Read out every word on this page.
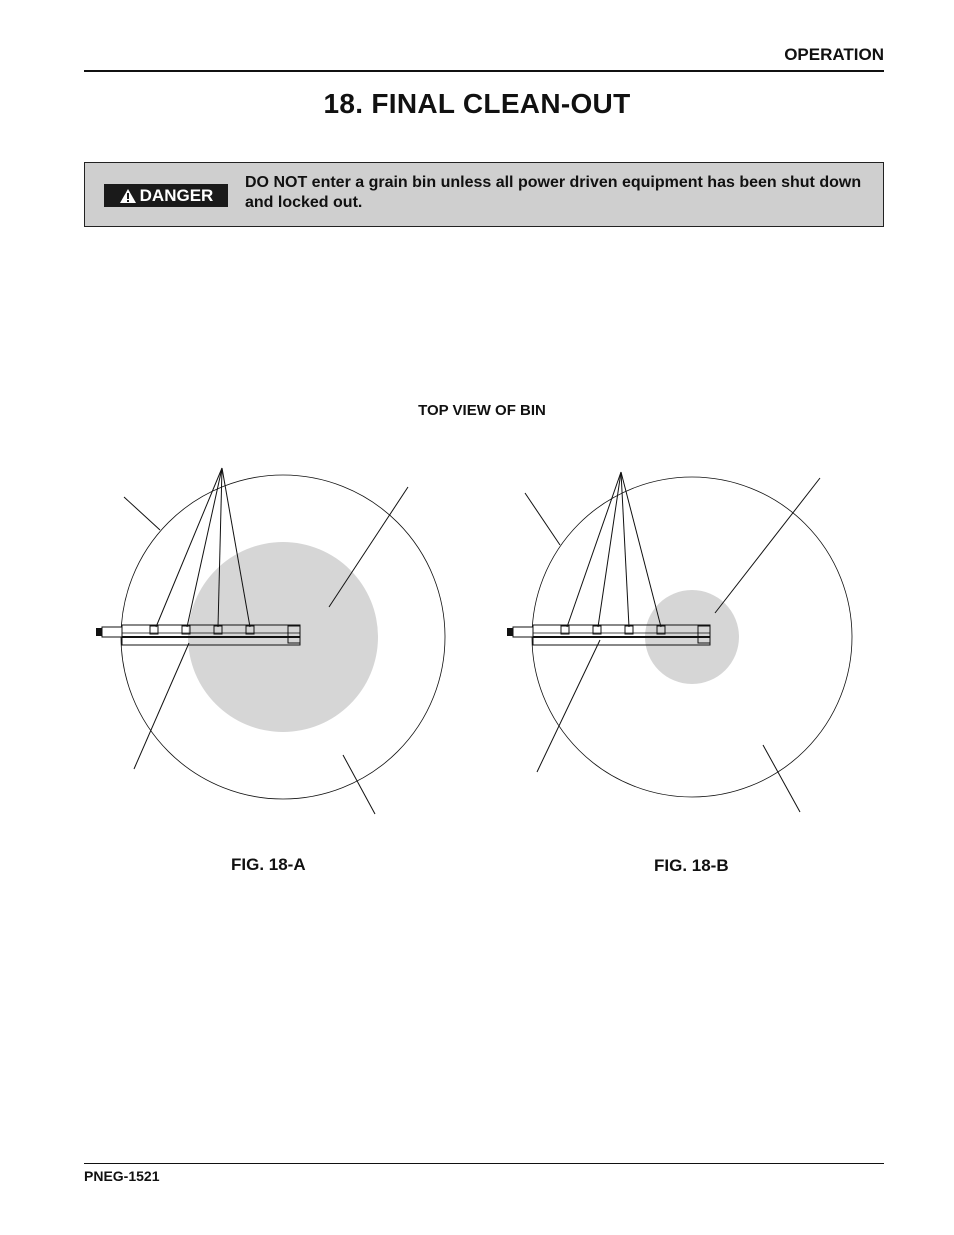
OPERATION
18. FINAL CLEAN-OUT
DANGER
DO NOT enter a grain bin unless all power driven equipment has been shut down and locked out.
TOP VIEW OF BIN
FIG. 18-A	FIG. 18-B
PNEG-1521
